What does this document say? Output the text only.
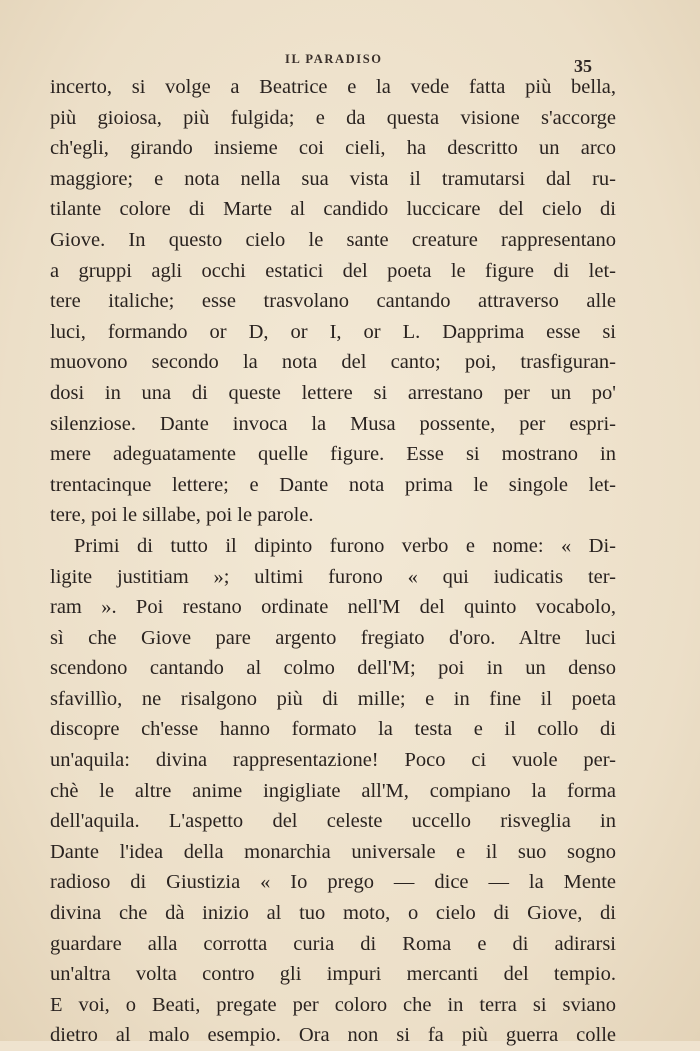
IL PARADISO	35
incerto, si volge a Beatrice e la vede fatta più bella,
più gioiosa, più fulgida; e da questa visione s'accorge
ch'egli, girando insieme coi cieli, ha descritto un arco
maggiore; e nota nella sua vista il tramutarsi dal ru-
tilante colore di Marte al candido luccicare del cielo di
Giove. In questo cielo le sante creature rappresentano
a gruppi agli occhi estatici del poeta le figure di let-
tere italiche; esse trasvolano cantando attraverso alle
luci, formando or D, or I, or L. Dapprima esse si
muovono secondo la nota del canto; poi, trasfiguran-
dosi in una di queste lettere si arrestano per un po'
silenziose. Dante invoca la Musa possente, per espri-
mere adeguatamente quelle figure. Esse si mostrano in
trentacinque lettere; e Dante nota prima le singole let-
tere, poi le sillabe, poi le parole.
Primi di tutto il dipinto furono verbo e nome: « Di-
ligite justitiam »; ultimi furono « qui iudicatis ter-
ram ». Poi restano ordinate nell'M del quinto vocabolo,
sì che Giove pare argento fregiato d'oro. Altre luci
scendono cantando al colmo dell'M; poi in un denso
sfavillìo, ne risalgono più di mille; e in fine il poeta
discopre ch'esse hanno formato la testa e il collo di
un'aquila: divina rappresentazione! Poco ci vuole per-
chè le altre anime ingigliate all'M, compiano la forma
dell'aquila. L'aspetto del celeste uccello risveglia in
Dante l'idea della monarchia universale e il suo sogno
radioso di Giustizia « Io prego — dice — la Mente
divina che dà inizio al tuo moto, o cielo di Giove, di
guardare alla corrotta curia di Roma e di adirarsi
un'altra volta contro gli impuri mercanti del tempio.
E voi, o Beati, pregate per coloro che in terra si sviano
dietro al malo esempio. Ora non si fa più guerra colle
